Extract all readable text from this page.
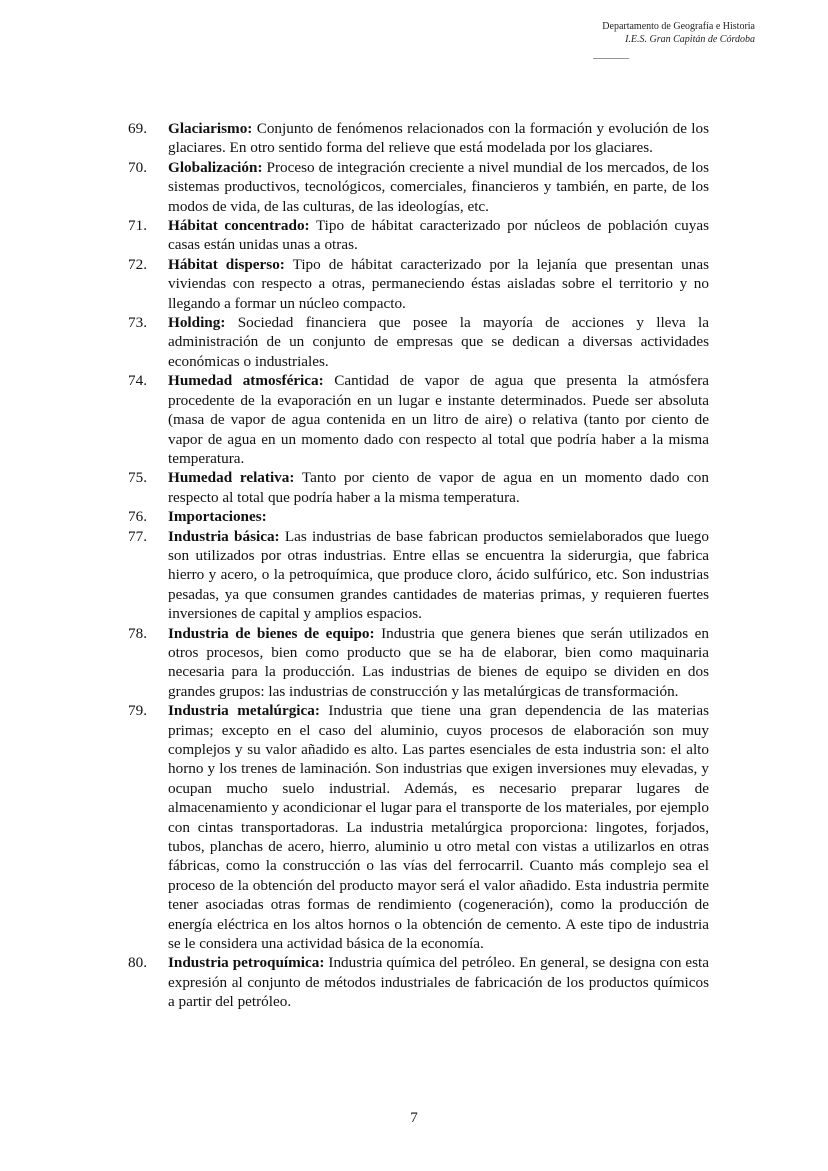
Departamento de Geografía e Historia
I.E.S. Gran Capitán de Córdoba
69.	Glaciarismo: Conjunto de fenómenos relacionados con la formación y evolución de los glaciares. En otro sentido forma del relieve que está modelada por los glaciares.
70.	Globalización: Proceso de integración creciente a nivel mundial de los mercados, de los sistemas productivos, tecnológicos, comerciales, financieros y también, en parte, de los modos de vida, de las culturas, de las ideologías, etc.
71.	Hábitat concentrado: Tipo de hábitat caracterizado por núcleos de población cuyas casas están unidas unas a otras.
72.	Hábitat disperso: Tipo de hábitat caracterizado por la lejanía que presentan unas viviendas con respecto a otras, permaneciendo éstas aisladas sobre el territorio y no llegando a formar un núcleo compacto.
73.	Holding: Sociedad financiera que posee la mayoría de acciones y lleva la administración de un conjunto de empresas que se dedican a diversas actividades económicas o industriales.
74.	Humedad atmosférica: Cantidad de vapor de agua que presenta la atmósfera procedente de la evaporación en un lugar e instante determinados. Puede ser absoluta (masa de vapor de agua contenida en un litro de aire) o relativa (tanto por ciento de vapor de agua en un momento dado con respecto al total que podría haber a la misma temperatura.
75.	Humedad relativa: Tanto por ciento de vapor de agua en un momento dado con respecto al total que podría haber a la misma temperatura.
76.	Importaciones:
77.	Industria básica: Las industrias de base fabrican productos semielaborados que luego son utilizados por otras industrias. Entre ellas se encuentra la siderurgia, que fabrica hierro y acero, o la petroquímica, que produce cloro, ácido sulfúrico, etc. Son industrias pesadas, ya que consumen grandes cantidades de materias primas, y requieren fuertes inversiones de capital y amplios espacios.
78.	Industria de bienes de equipo: Industria que genera bienes que serán utilizados en otros procesos, bien como producto que se ha de elaborar, bien como maquinaria necesaria para la producción. Las industrias de bienes de equipo se dividen en dos grandes grupos: las industrias de construcción y las metalúrgicas de transformación.
79.	Industria metalúrgica: Industria que tiene una gran dependencia de las materias primas; excepto en el caso del aluminio, cuyos procesos de elaboración son muy complejos y su valor añadido es alto. Las partes esenciales de esta industria son: el alto horno y los trenes de laminación. Son industrias que exigen inversiones muy elevadas, y ocupan mucho suelo industrial. Además, es necesario preparar lugares de almacenamiento y acondicionar el lugar para el transporte de los materiales, por ejemplo con cintas transportadoras. La industria metalúrgica proporciona: lingotes, forjados, tubos, planchas de acero, hierro, aluminio u otro metal con vistas a utilizarlos en otras fábricas, como la construcción o las vías del ferrocarril. Cuanto más complejo sea el proceso de la obtención del producto mayor será el valor añadido. Esta industria permite tener asociadas otras formas de rendimiento (cogeneración), como la producción de energía eléctrica en los altos hornos o la obtención de cemento. A este tipo de industria se le considera una actividad básica de la economía.
80.	Industria petroquímica: Industria química del petróleo. En general, se designa con esta expresión al conjunto de métodos industriales de fabricación de los productos químicos a partir del petróleo.
7
